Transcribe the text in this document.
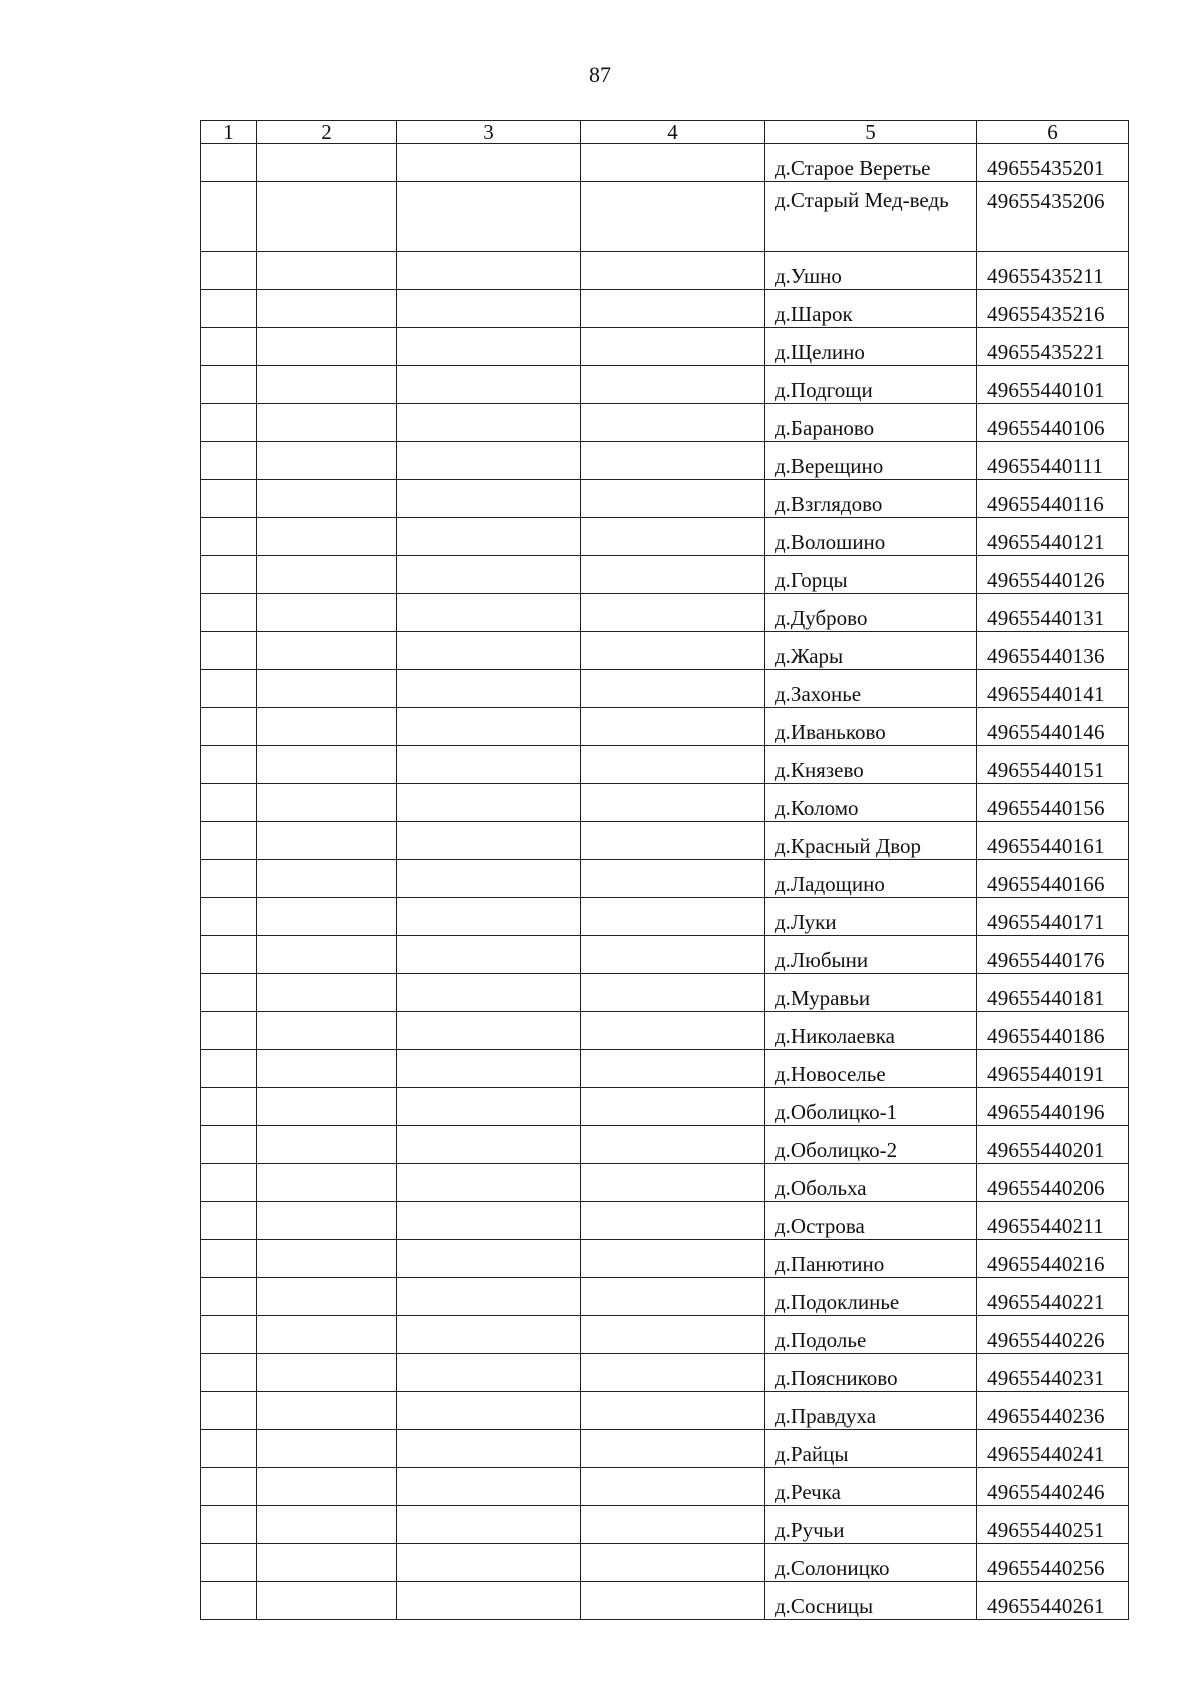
87
1	2	3	4	5	6
				д.Старое Веретье	49655435201
				д.Старый Мед-ведь	49655435206
				д.Ушно	49655435211
				д.Шарок	49655435216
				д.Щелино	49655435221
				д.Подгощи	49655440101
				д.Бараново	49655440106
				д.Верещино	49655440111
				д.Взглядово	49655440116
				д.Волошино	49655440121
				д.Горцы	49655440126
				д.Дуброво	49655440131
				д.Жары	49655440136
				д.Захонье	49655440141
				д.Иваньково	49655440146
				д.Князево	49655440151
				д.Коломо	49655440156
				д.Красный Двор	49655440161
				д.Ладощино	49655440166
				д.Луки	49655440171
				д.Любыни	49655440176
				д.Муравьи	49655440181
				д.Николаевка	49655440186
				д.Новоселье	49655440191
				д.Оболицко-1	49655440196
				д.Оболицко-2	49655440201
				д.Обольха	49655440206
				д.Острова	49655440211
				д.Панютино	49655440216
				д.Подоклинье	49655440221
				д.Подолье	49655440226
				д.Поясниково	49655440231
				д.Правдуха	49655440236
				д.Райцы	49655440241
				д.Речка	49655440246
				д.Ручьи	49655440251
				д.Солоницко	49655440256
				д.Сосницы	49655440261
